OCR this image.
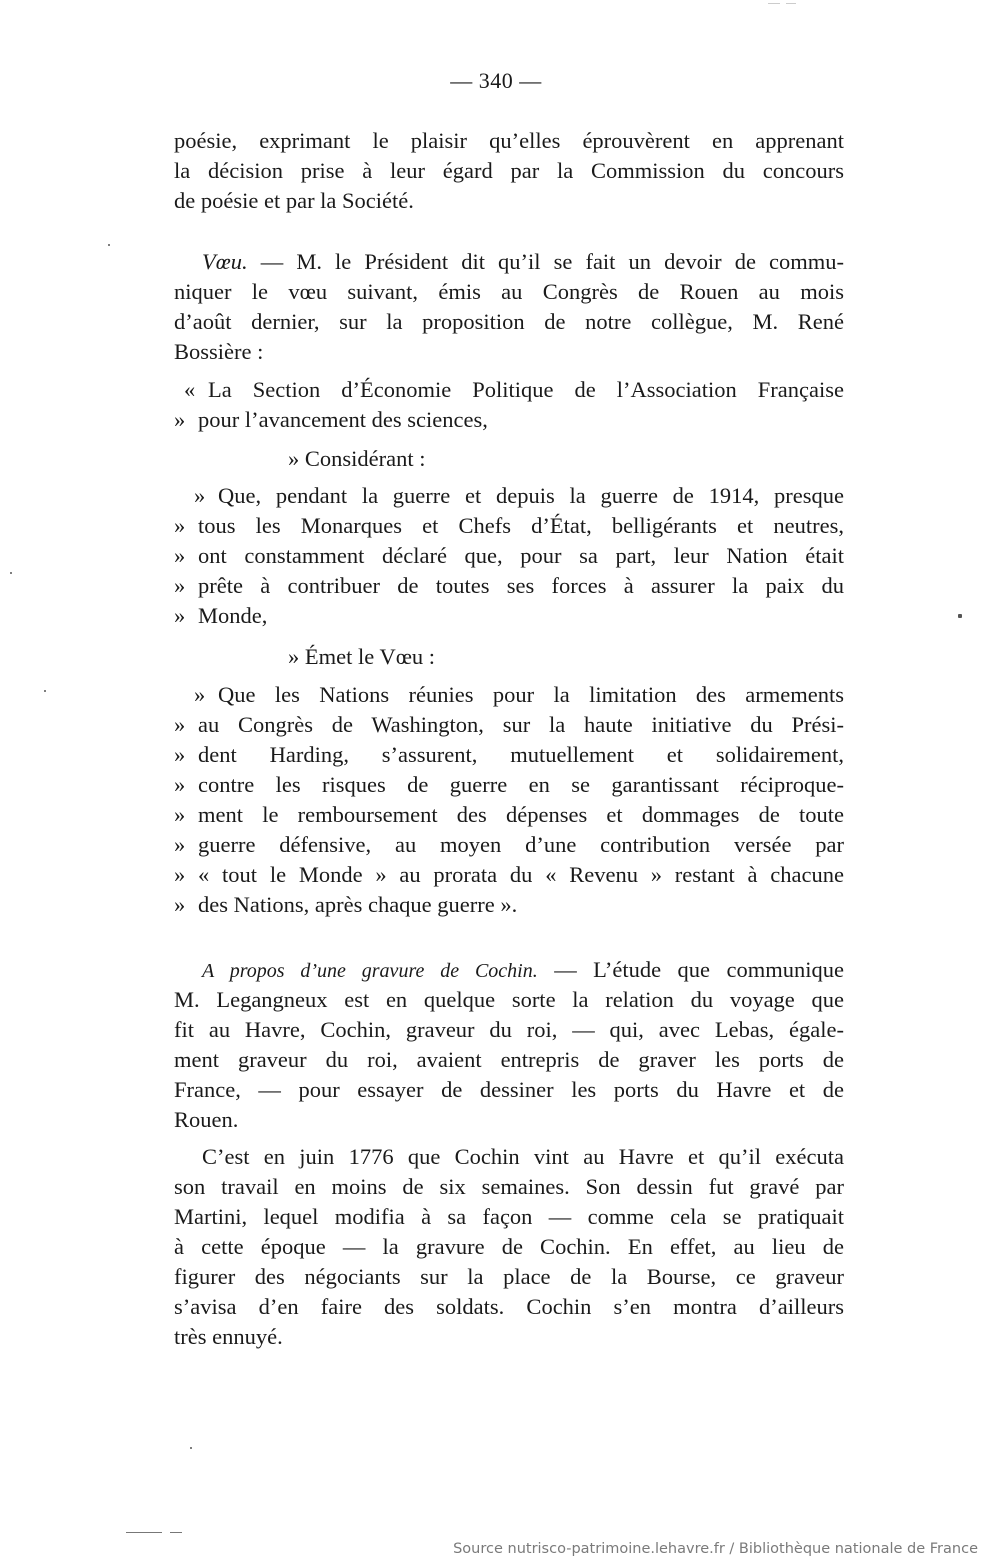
— 340 —
poésie, exprimant le plaisir qu’elles éprouvèrent en apprenant
la décision prise à leur égard par la Commission du concours
de poésie et par la Société.
Vœu. — M. le Président dit qu’il se fait un devoir de commu-
niquer le vœu suivant, émis au Congrès de Rouen au mois
d’août dernier, sur la proposition de notre collègue, M. René
Bossière :
« La Section d’Économie Politique de l’Association Française
» pour l’avancement des sciences,
» Considérant :
» Que, pendant la guerre et depuis la guerre de 1914, presque
» tous les Monarques et Chefs d’État, belligérants et neutres,
» ont constamment déclaré que, pour sa part, leur Nation était
» prête à contribuer de toutes ses forces à assurer la paix du
» Monde,
» Émet le Vœu :
» Que les Nations réunies pour la limitation des armements
» au Congrès de Washington, sur la haute initiative du Prési-
» dent Harding, s’assurent, mutuellement et solidairement,
» contre les risques de guerre en se garantissant réciproque-
» ment le remboursement des dépenses et dommages de toute
» guerre défensive, au moyen d’une contribution versée par
» « tout le Monde » au prorata du « Revenu » restant à chacune
» des Nations, après chaque guerre ».
A propos d’une gravure de Cochin. — L’étude que communique
M. Legangneux est en quelque sorte la relation du voyage que
fit au Havre, Cochin, graveur du roi, — qui, avec Lebas, égale-
ment graveur du roi, avaient entrepris de graver les ports de
France, — pour essayer de dessiner les ports du Havre et de
Rouen.
C’est en juin 1776 que Cochin vint au Havre et qu’il exécuta
son travail en moins de six semaines. Son dessin fut gravé par
Martini, lequel modifia à sa façon — comme cela se pratiquait
à cette époque — la gravure de Cochin. En effet, au lieu de
figurer des négociants sur la place de la Bourse, ce graveur
s’avisa d’en faire des soldats. Cochin s’en montra d’ailleurs
très ennuyé.
Source nutrisco-patrimoine.lehavre.fr / Bibliothèque nationale de France
